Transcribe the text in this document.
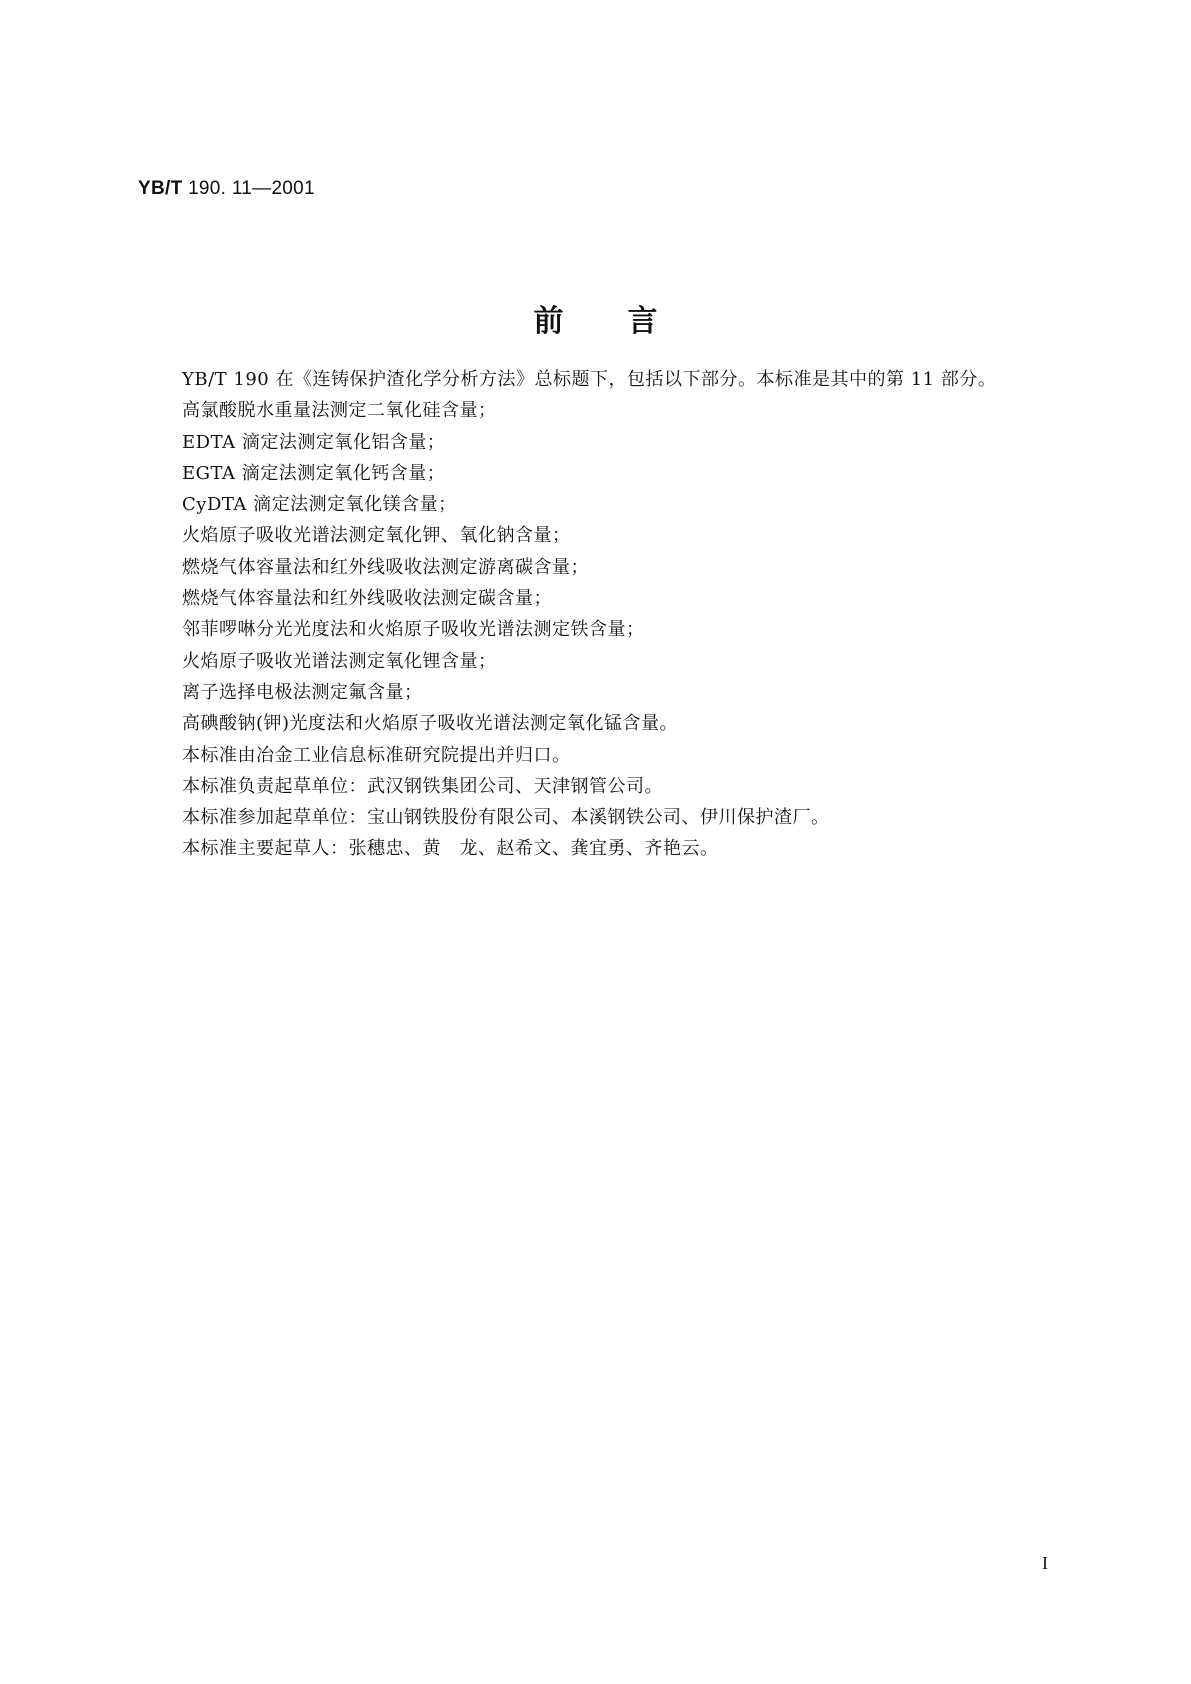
YB/T 190. 11—2001
前 言
YB/T 190 在《连铸保护渣化学分析方法》总标题下，包括以下部分。本标准是其中的第 11 部分。
高氯酸脱水重量法测定二氧化硅含量；
EDTA 滴定法测定氧化铝含量；
EGTA 滴定法测定氧化钙含量；
CyDTA 滴定法测定氧化镁含量；
火焰原子吸收光谱法测定氧化钾、氧化钠含量；
燃烧气体容量法和红外线吸收法测定游离碳含量；
燃烧气体容量法和红外线吸收法测定碳含量；
邻菲啰啉分光光度法和火焰原子吸收光谱法测定铁含量；
火焰原子吸收光谱法测定氧化锂含量；
离子选择电极法测定氟含量；
高碘酸钠(钾)光度法和火焰原子吸收光谱法测定氧化锰含量。
本标准由冶金工业信息标准研究院提出并归口。
本标准负责起草单位：武汉钢铁集团公司、天津钢管公司。
本标准参加起草单位：宝山钢铁股份有限公司、本溪钢铁公司、伊川保护渣厂。
本标准主要起草人：张穗忠、黄　龙、赵希文、龚宜勇、齐艳云。
I
